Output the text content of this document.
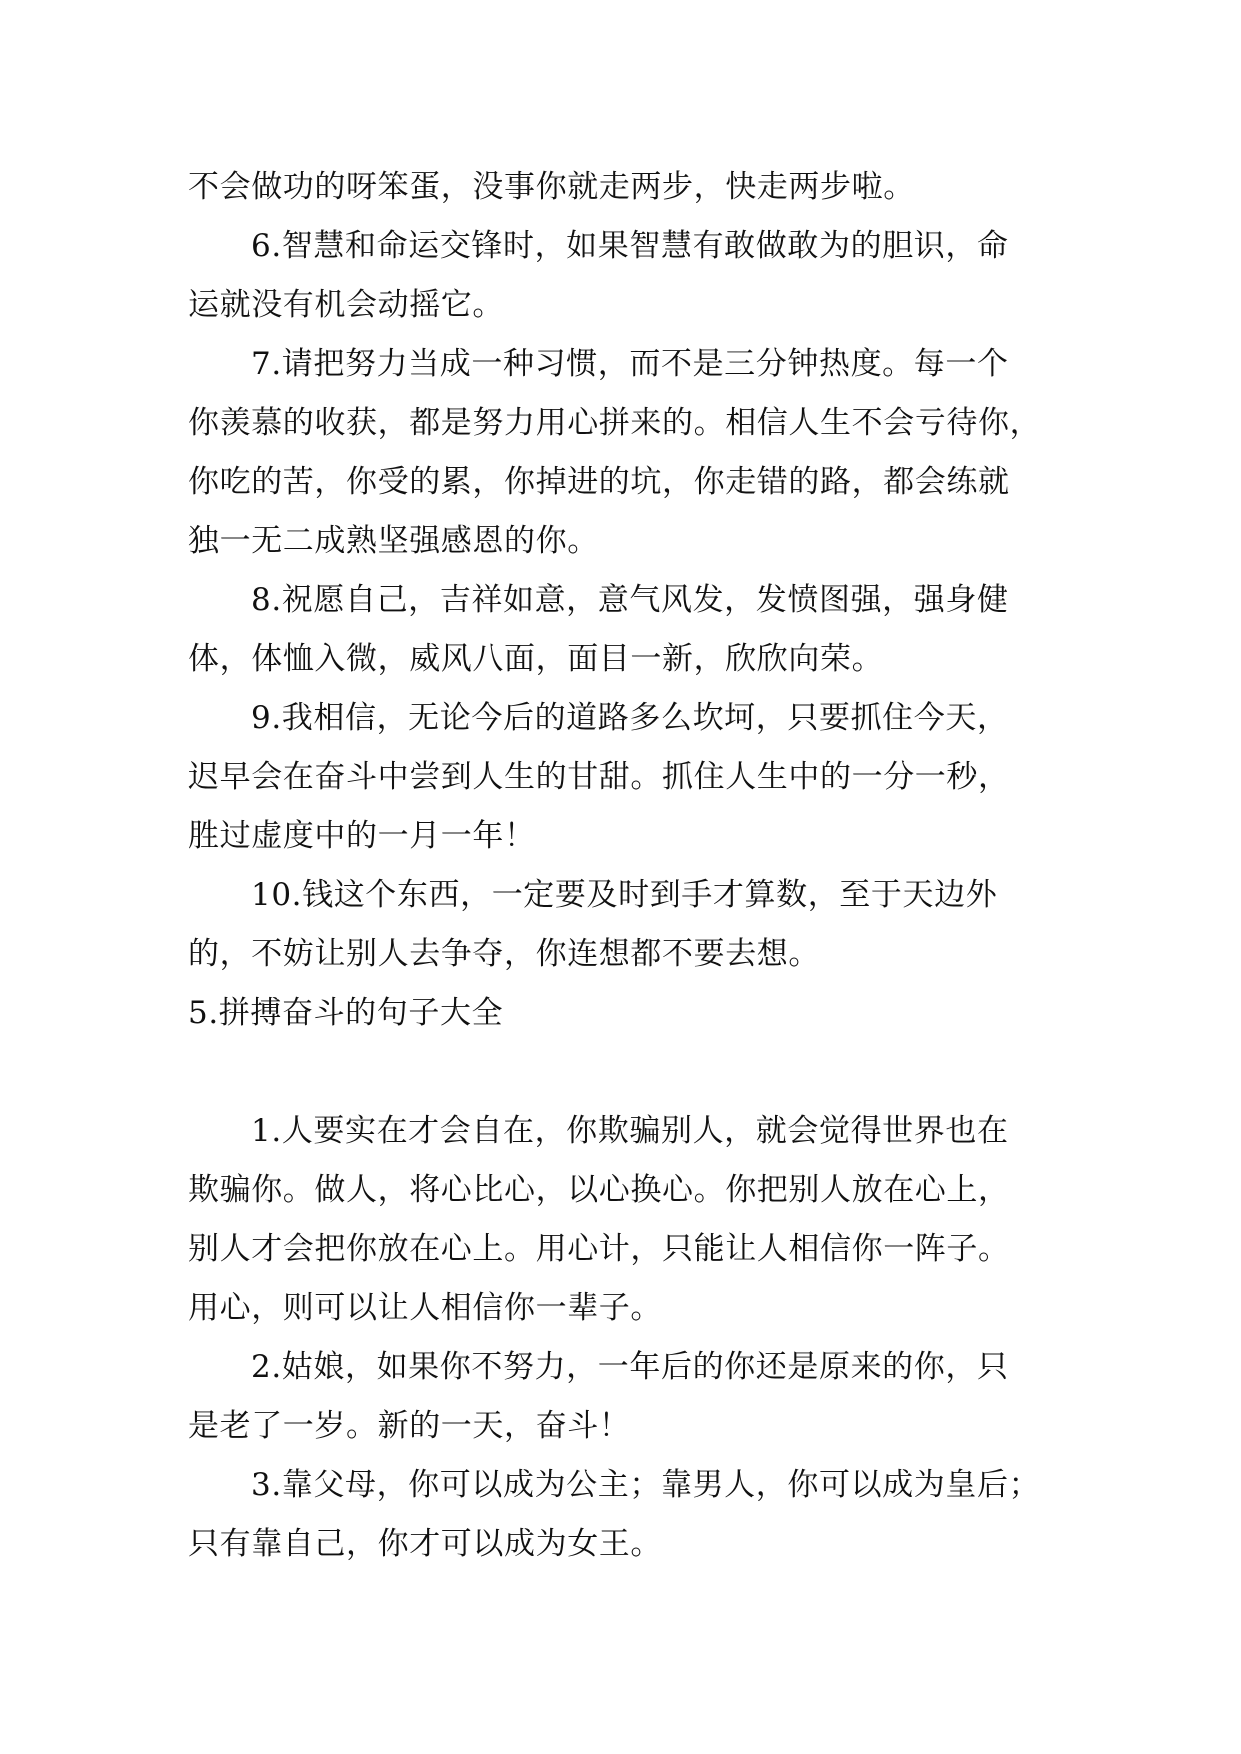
不会做功的呀笨蛋，没事你就走两步，快走两步啦。
6.智慧和命运交锋时，如果智慧有敢做敢为的胆识，命
运就没有机会动摇它。
7.请把努力当成一种习惯，而不是三分钟热度。每一个
你羡慕的收获，都是努力用心拼来的。相信人生不会亏待你，
你吃的苦，你受的累，你掉进的坑，你走错的路，都会练就
独一无二成熟坚强感恩的你。
8.祝愿自己，吉祥如意，意气风发，发愤图强，强身健
体，体恤入微，威风八面，面目一新，欣欣向荣。
9.我相信，无论今后的道路多么坎坷，只要抓住今天，
迟早会在奋斗中尝到人生的甘甜。抓住人生中的一分一秒，
胜过虚度中的一月一年！
10.钱这个东西，一定要及时到手才算数，至于天边外
的，不妨让别人去争夺，你连想都不要去想。
5.拼搏奋斗的句子大全
1.人要实在才会自在，你欺骗别人，就会觉得世界也在
欺骗你。做人，将心比心，以心换心。你把别人放在心上，
别人才会把你放在心上。用心计，只能让人相信你一阵子。
用心，则可以让人相信你一辈子。
2.姑娘，如果你不努力，一年后的你还是原来的你，只
是老了一岁。新的一天，奋斗！
3.靠父母，你可以成为公主；靠男人，你可以成为皇后；
只有靠自己，你才可以成为女王。
